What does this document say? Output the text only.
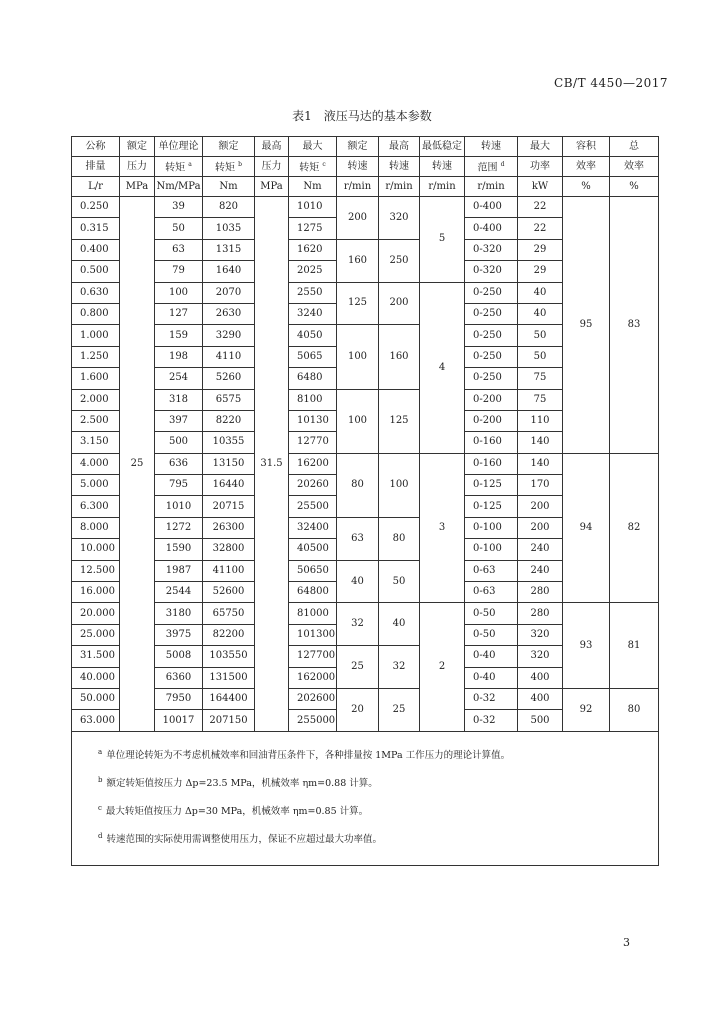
CB/T 4450—2017
表1　液压马达的基本参数
公称	额定	单位理论	额定	最高	最大	额定	最高	最低稳定	转速	最大	容积	总
排量	压力	转矩 $^a$	转矩 $^b$	压力	转矩 $^c$	转速	转速	转速	范围 $^d$	功率	效率	效率
L/r	MPa	Nm/MPa	Nm	MPa	Nm	r/min	r/min	r/min	r/min	kW	%	%
0.250	25	39	820	31.5	1010	200	320	5	0-400	22	95	83
0.315		50	1035		1275				0-400	22		
0.400		63	1315		1620	160	250		0-320	29		
0.500		79	1640		2025				0-320	29		
0.630		100	2070		2550	125	200	4	0-250	40		
0.800		127	2630		3240				0-250	40		
1.000		159	3290		4050	100	160		0-250	50		
1.250		198	4110		5065				0-250	50		
1.600		254	5260		6480				0-250	75		
2.000		318	6575		8100	100	125		0-200	75		
2.500		397	8220		10130				0-200	110		
3.150		500	10355		12770				0-160	140		
4.000		636	13150		16200	80	100	3	0-160	140	94	82
5.000		795	16440		20260				0-125	170		
6.300		1010	20715		25500				0-125	200		
8.000		1272	26300		32400	63	80		0-100	200		
10.000		1590	32800		40500				0-100	240		
12.500		1987	41100		50650	40	50		0-63	240		
16.000		2544	52600		64800				0-63	280		
20.000		3180	65750		81000	32	40	2	0-50	280	93	81
25.000		3975	82200		101300				0-50	320		
31.500		5008	103550		127700	25	32		0-40	320		
40.000		6360	131500		162000				0-40	400		
50.000		7950	164400		202600	20	25		0-32	400	92	80
63.000		10017	207150		255000				0-32	500		

$^a$ 单位理论转矩为不考虑机械效率和回油背压条件下，各种排量按 1MPa 工作压力的理论计算值。
$^b$ 额定转矩值按压力 Δp=23.5 MPa，机械效率 ηm=0.88 计算。
$^c$ 最大转矩值按压力 Δp=30 MPa，机械效率 ηm=0.85 计算。
$^d$ 转速范围的实际使用需调整使用压力，保证不应超过最大功率值。												
3
